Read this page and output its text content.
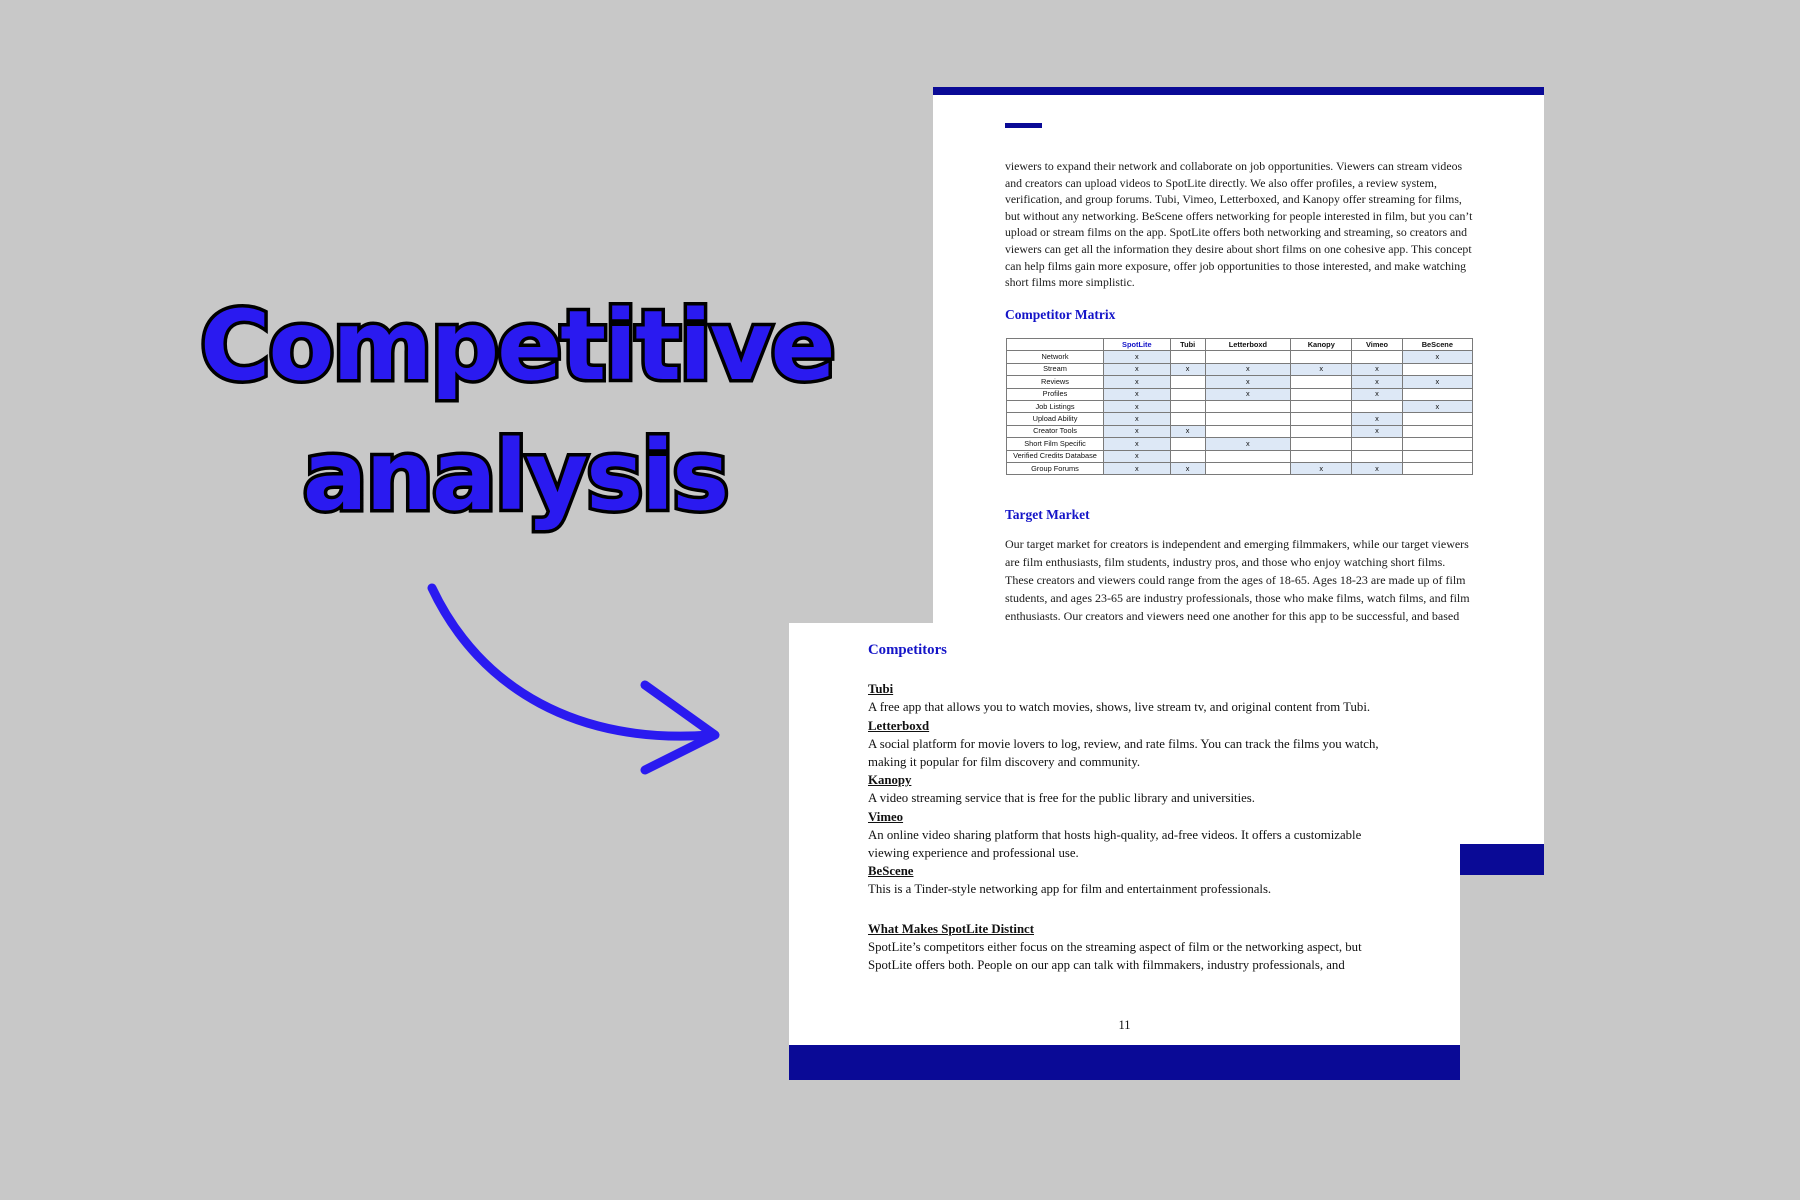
Competitive
analysis

viewers to expand their network and collaborate on job opportunities. Viewers can stream videos and creators can upload videos to SpotLite directly. We also offer profiles, a review system, verification, and group forums. Tubi, Vimeo, Letterboxed, and Kanopy offer streaming for films, but without any networking. BeScene offers networking for people interested in film, but you can’t upload or stream films on the app. SpotLite offers both networking and streaming, so creators and viewers can get all the information they desire about short films on one cohesive app. This concept can help films gain more exposure, offer job opportunities to those interested, and make watching short films more simplistic.

Competitor Matrix

	SpotLite	Tubi	Letterboxd	Kanopy	Vimeo	BeScene
Network	x					x
Stream	x	x	x	x	x	
Reviews	x		x		x	x
Profiles	x		x		x	
Job Listings	x					x
Upload Ability	x				x	
Creator Tools	x	x			x	
Short Film Specific	x		x			
Verified Credits Database	x					
Group Forums	x	x		x	x	

Target Market

Our target market for creators is independent and emerging filmmakers, while our target viewers are film enthusiasts, film students, industry pros, and those who enjoy watching short films. These creators and viewers could range from the ages of 18-65. Ages 18-23 are made up of film students, and ages 23-65 are industry professionals, those who make films, watch films, and film enthusiasts. Our creators and viewers need one another for this app to be successful, and based

Competitors

Tubi

A free app that allows you to watch movies, shows, live stream tv, and original content from Tubi.

Letterboxd

A social platform for movie lovers to log, review, and rate films. You can track the films you watch, making it popular for film discovery and community.

Kanopy

A video streaming service that is free for the public library and universities.

Vimeo

An online video sharing platform that hosts high-quality, ad-free videos. It offers a customizable viewing experience and professional use.

BeScene

This is a Tinder-style networking app for film and entertainment professionals.

What Makes SpotLite Distinct

SpotLite’s competitors either focus on the streaming aspect of film or the networking aspect, but SpotLite offers both. People on our app can talk with filmmakers, industry professionals, and

11
